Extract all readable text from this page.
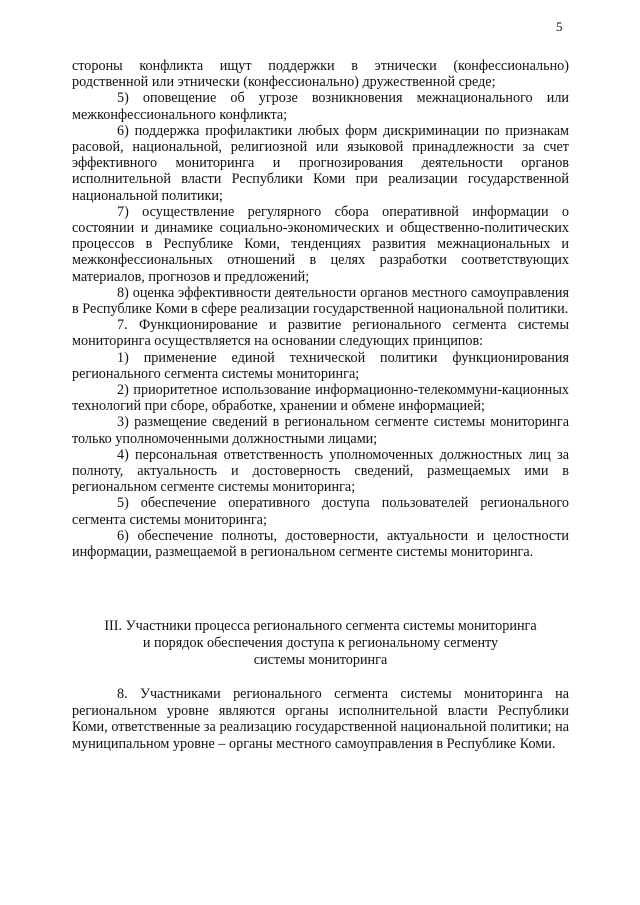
5

стороны конфликта ищут поддержки в этнически (конфессионально) родственной или этнически (конфессионально) дружественной среде;

5) оповещение об угрозе возникновения межнационального или межконфессионального конфликта;

6) поддержка профилактики любых форм дискриминации по признакам расовой, национальной, религиозной или языковой принадлежности за счет эффективного мониторинга и прогнозирования деятельности органов исполнительной власти Республики Коми при реализации государственной национальной политики;

7) осуществление регулярного сбора оперативной информации о состоянии и динамике социально-экономических и общественно-политических процессов в Республике Коми, тенденциях развития межнациональных и межконфессиональных отношений в целях разработки соответствующих материалов, прогнозов и предложений;

8) оценка эффективности деятельности органов местного самоуправления в Республике Коми в сфере реализации государственной национальной политики.

7. Функционирование и развитие регионального сегмента системы мониторинга осуществляется на основании следующих принципов:

1) применение единой технической политики функционирования регионального сегмента системы мониторинга;

2) приоритетное использование информационно-телекоммуни-кационных технологий при сборе, обработке, хранении и обмене информацией;

3) размещение сведений в региональном сегменте системы мониторинга только уполномоченными должностными лицами;

4) персональная ответственность уполномоченных должностных лиц за полноту, актуальность и достоверность сведений, размещаемых ими в региональном сегменте системы мониторинга;

5) обеспечение оперативного доступа пользователей регионального сегмента системы мониторинга;

6) обеспечение полноты, достоверности, актуальности и целостности информации, размещаемой в региональном сегменте системы мониторинга.

III. Участники процесса регионального сегмента системы мониторинга

и порядок обеспечения доступа к региональному сегменту

системы мониторинга

8. Участниками регионального сегмента системы мониторинга на региональном уровне являются органы исполнительной власти Республики Коми, ответственные за реализацию государственной национальной политики; на муниципальном уровне – органы местного самоуправления в Республике Коми.
